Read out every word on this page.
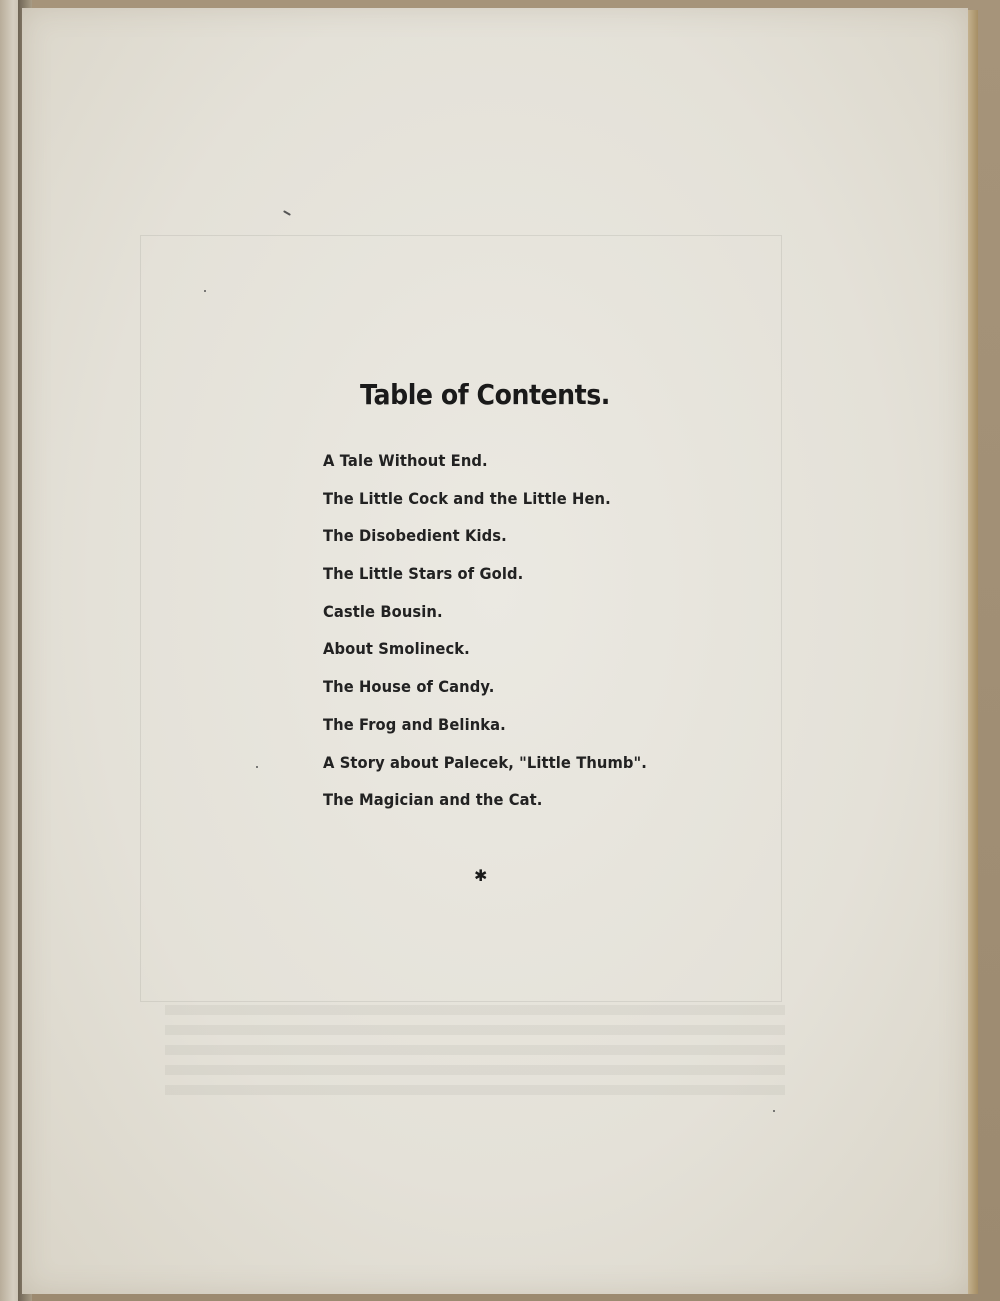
Table of Contents.
A Tale Without End.
The Little Cock and the Little Hen.
The Disobedient Kids.
The Little Stars of Gold.
Castle Bousin.
About Smolineck.
The House of Candy.
The Frog and Belinka.
A Story about Palecek, "Little Thumb".
The Magician and the Cat.
✱
